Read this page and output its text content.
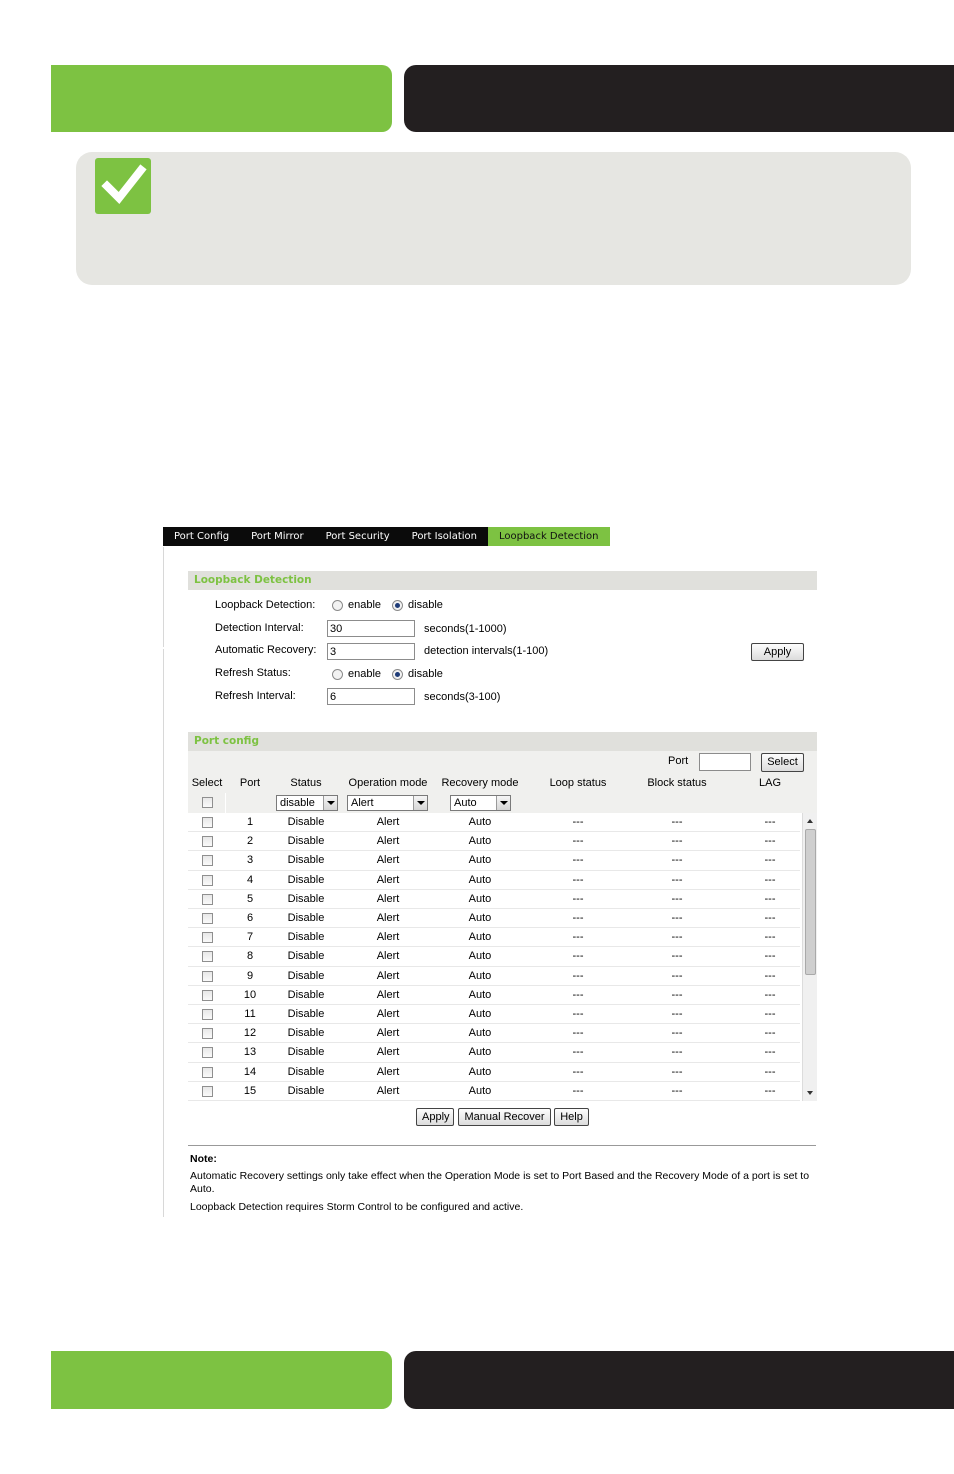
Port Config	Port Mirror	Port Security	Port Isolation	Loopback Detection
Loopback Detection
Loopback Detection:	enable disable
Detection Interval:
30	seconds(1-1000)
Automatic Recovery:
3	detection intervals(1-100)	Apply
Refresh Status:	enable disable
Refresh Interval:
6	seconds(3-100)
Port config
Port	Select
Select	Port	Status	Operation mode	Recovery mode	Loop status	Block status	LAG
disable	Alert	Auto
1	Disable	Alert	Auto	---	---	---
2	Disable	Alert	Auto	---	---	---
3	Disable	Alert	Auto	---	---	---
4	Disable	Alert	Auto	---	---	---
5	Disable	Alert	Auto	---	---	---
6	Disable	Alert	Auto	---	---	---
7	Disable	Alert	Auto	---	---	---
8	Disable	Alert	Auto	---	---	---
9	Disable	Alert	Auto	---	---	---
10	Disable	Alert	Auto	---	---	---
11	Disable	Alert	Auto	---	---	---
12	Disable	Alert	Auto	---	---	---
13	Disable	Alert	Auto	---	---	---
14	Disable	Alert	Auto	---	---	---
15	Disable	Alert	Auto	---	---	---
Apply	Manual Recover	Help
Note:
Automatic Recovery settings only take effect when the Operation Mode is set to Port Based and the Recovery Mode of a port is set to Auto.
Loopback Detection requires Storm Control to be configured and active.
